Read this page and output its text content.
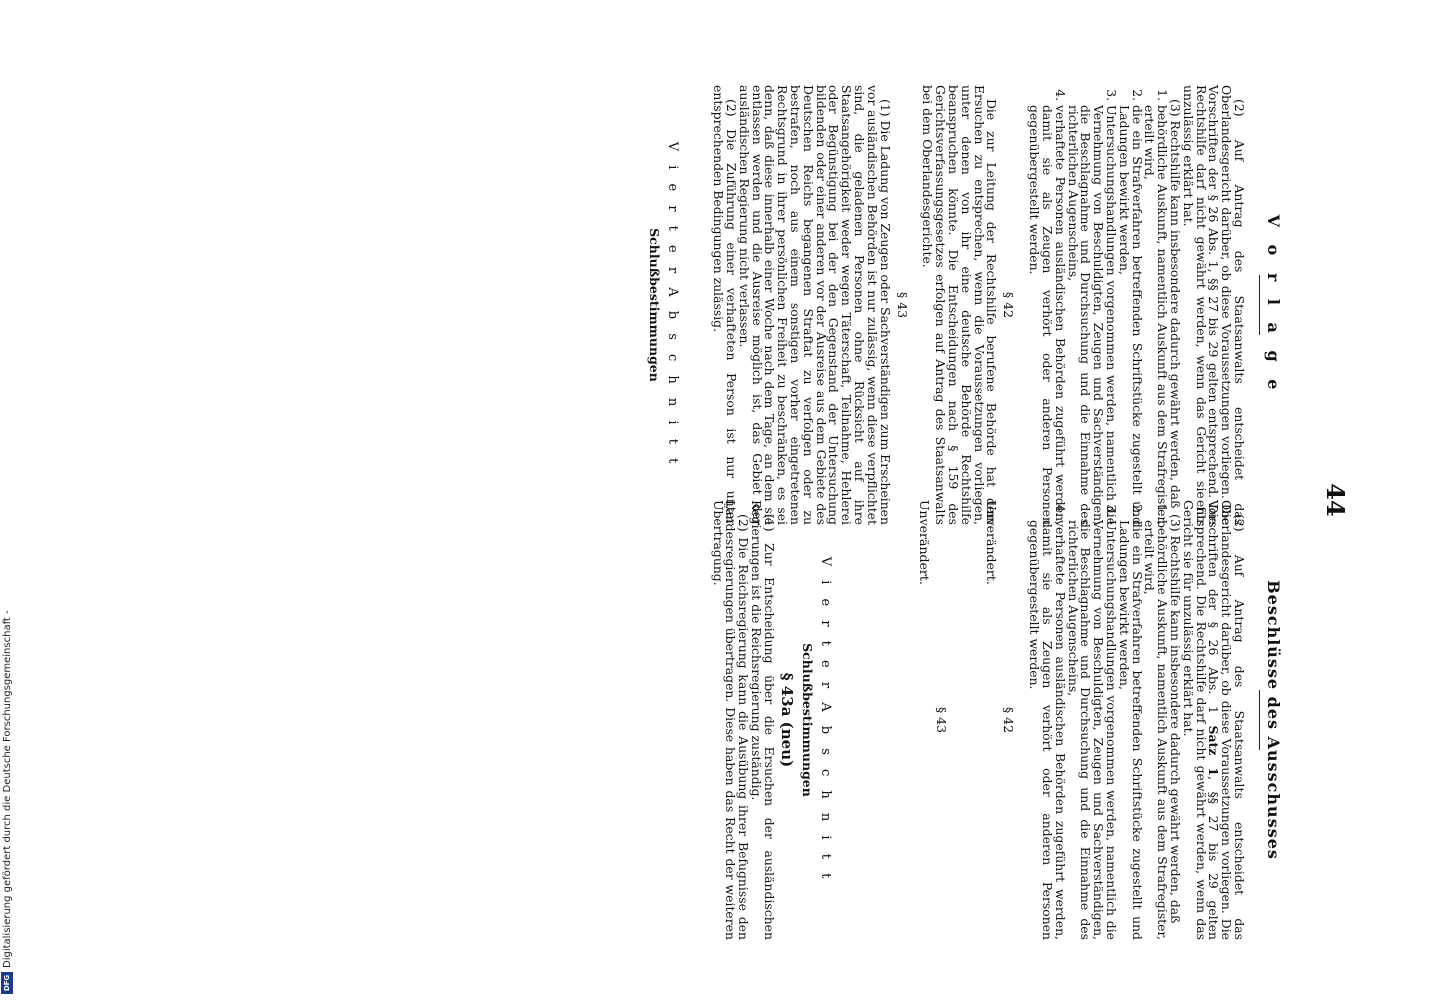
44
V o r l a g e

(2) Auf Antrag des Staatsanwalts entscheidet das Oberlandesgericht darüber, ob diese Voraussetzungen vorliegen. Die Vorschriften der § 26 Abs. 1, §§ 27 bis 29 gelten entsprechend. Die Rechtshilfe darf nicht gewährt werden, wenn das Gericht sie für unzulässig erklärt hat.

(3) Rechtshilfe kann insbesondere dadurch gewährt werden, daß

1. behördliche Auskunft, namentlich Auskunft aus dem Strafregister, erteilt wird,
2. die ein Strafverfahren betreffenden Schriftstücke zugestellt und Ladungen bewirkt werden,
3. Untersuchungshandlungen vorgenommen werden, namentlich die Vernehmung von Beschuldigten, Zeugen und Sachverständigen, die Beschlagnahme und Durchsuchung und die Einnahme des richterlichen Augenscheins,
4. verhaftete Personen ausländischen Behörden zugeführt werden, damit sie als Zeugen verhört oder anderen Personen gegenübergestellt werden.
§ 42

Die zur Leitung der Rechtshilfe berufene Behörde hat dem Ersuchen zu entsprechen, wenn die Voraussetzungen vorliegen, unter denen von ihr eine deutsche Behörde Rechtshilfe beanspruchen könnte. Die Entscheidungen nach § 159 des Gerichtsverfassungsgesetzes erfolgen auf Antrag des Staatsanwalts bei dem Oberlandesgerichte.

§ 43

(1) Die Ladung von Zeugen oder Sachverständigen zum Erscheinen vor ausländischen Behörden ist nur zulässig, wenn diese verpflichtet sind, die geladenen Personen ohne Rücksicht auf ihre Staatsangehörigkeit weder wegen Täterschaft, Teilnahme, Hehlerei oder Begünstigung bei der den Gegenstand der Untersuchung bildenden oder einer anderen vor der Ausreise aus dem Gebiete des Deutschen Reichs begangenen Straftat zu verfolgen oder zu bestrafen, noch aus einem sonstigen vorher eingetretenen Rechtsgrund in ihrer persönlichen Freiheit zu beschränken, es sei denn, daß diese innerhalb einer Woche nach dem Tage, an dem sie entlassen werden und die Ausreise möglich ist, das Gebiet der ausländischen Regierung nicht verlassen.

(2) Die Zuführung einer verhafteten Person ist nur unter entsprechenden Bedingungen zulässig.

V i e r t e r A b s c h n i t t
Schlußbestimmungen
Beschlüsse des Ausschusses

(2) Auf Antrag des Staatsanwalts entscheidet das Oberlandesgericht darüber, ob diese Voraussetzungen vorliegen. Die Vorschriften der § 26 Abs. 1 Satz 1, §§ 27 bis 29 gelten entsprechend. Die Rechtshilfe darf nicht gewährt werden, wenn das Gericht sie für unzulässig erklärt hat.

(3) Rechtshilfe kann insbesondere dadurch gewährt werden, daß

1. behördliche Auskunft, namentlich Auskunft aus dem Strafregister, erteilt wird,
2. die ein Strafverfahren betreffenden Schriftstücke zugestellt und Ladungen bewirkt werden,
3. Untersuchungshandlungen vorgenommen werden, namentlich die Vernehmung von Beschuldigten, Zeugen und Sachverständigen, die Beschlagnahme und Durchsuchung und die Einnahme des richterlichen Augenscheins,
4. verhaftete Personen ausländischen Behörden zugeführt werden, damit sie als Zeugen verhört oder anderen Personen gegenübergestellt werden.
§ 42

Unverändert.

§ 43

Unverändert.

V i e r t e r A b s c h n i t t
Schlußbestimmungen
§ 43a (neu)

(1) Zur Entscheidung über die Ersuchen der ausländischen Regierungen ist die Reichsregierung zuständig.

(2) Die Reichsregierung kann die Ausübung ihrer Befugnisse den Landesregierungen übertragen. Diese haben das Recht der weiteren Übertragung.

DFG
Digitalisierung gefördert durch die Deutsche Forschungsgemeinschaft -
